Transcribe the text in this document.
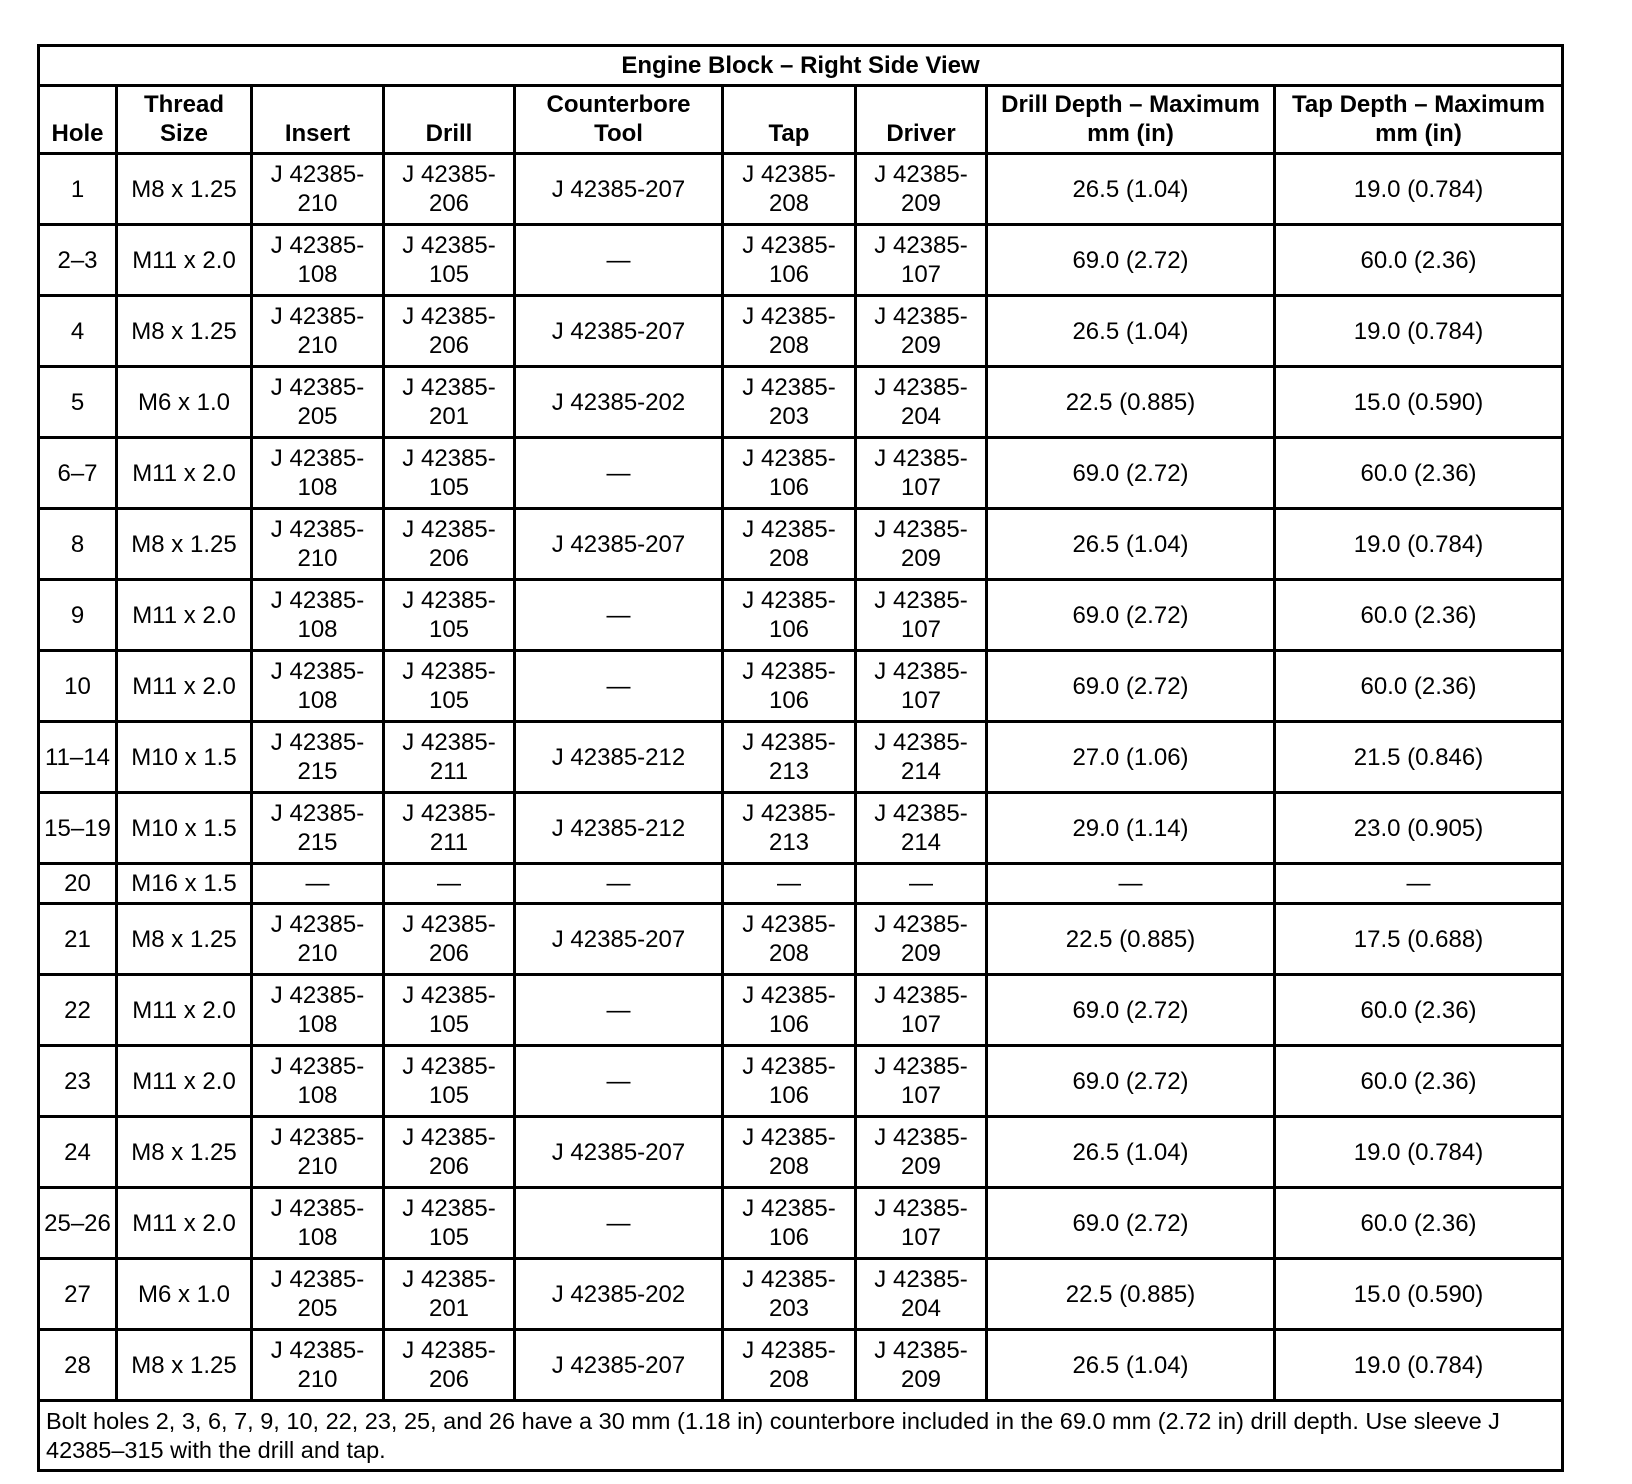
Engine Block – Right Side View								
Hole	Thread Size	Insert	Drill	Counterbore Tool	Tap	Driver	Drill Depth – Maximum mm (in)	Tap Depth – Maximum mm (in)
1	M8 x 1.25	J 42385-210	J 42385-206	J 42385-207	J 42385-208	J 42385-209	26.5 (1.04)	19.0 (0.784)
2–3	M11 x 2.0	J 42385-108	J 42385-105	—	J 42385-106	J 42385-107	69.0 (2.72)	60.0 (2.36)
4	M8 x 1.25	J 42385-210	J 42385-206	J 42385-207	J 42385-208	J 42385-209	26.5 (1.04)	19.0 (0.784)
5	M6 x 1.0	J 42385-205	J 42385-201	J 42385-202	J 42385-203	J 42385-204	22.5 (0.885)	15.0 (0.590)
6–7	M11 x 2.0	J 42385-108	J 42385-105	—	J 42385-106	J 42385-107	69.0 (2.72)	60.0 (2.36)
8	M8 x 1.25	J 42385-210	J 42385-206	J 42385-207	J 42385-208	J 42385-209	26.5 (1.04)	19.0 (0.784)
9	M11 x 2.0	J 42385-108	J 42385-105	—	J 42385-106	J 42385-107	69.0 (2.72)	60.0 (2.36)
10	M11 x 2.0	J 42385-108	J 42385-105	—	J 42385-106	J 42385-107	69.0 (2.72)	60.0 (2.36)
11–14	M10 x 1.5	J 42385-215	J 42385-211	J 42385-212	J 42385-213	J 42385-214	27.0 (1.06)	21.5 (0.846)
15–19	M10 x 1.5	J 42385-215	J 42385-211	J 42385-212	J 42385-213	J 42385-214	29.0 (1.14)	23.0 (0.905)
20	M16 x 1.5	—	—	—	—	—	—	—
21	M8 x 1.25	J 42385-210	J 42385-206	J 42385-207	J 42385-208	J 42385-209	22.5 (0.885)	17.5 (0.688)
22	M11 x 2.0	J 42385-108	J 42385-105	—	J 42385-106	J 42385-107	69.0 (2.72)	60.0 (2.36)
23	M11 x 2.0	J 42385-108	J 42385-105	—	J 42385-106	J 42385-107	69.0 (2.72)	60.0 (2.36)
24	M8 x 1.25	J 42385-210	J 42385-206	J 42385-207	J 42385-208	J 42385-209	26.5 (1.04)	19.0 (0.784)
25–26	M11 x 2.0	J 42385-108	J 42385-105	—	J 42385-106	J 42385-107	69.0 (2.72)	60.0 (2.36)
27	M6 x 1.0	J 42385-205	J 42385-201	J 42385-202	J 42385-203	J 42385-204	22.5 (0.885)	15.0 (0.590)
28	M8 x 1.25	J 42385-210	J 42385-206	J 42385-207	J 42385-208	J 42385-209	26.5 (1.04)	19.0 (0.784)
Bolt holes 2, 3, 6, 7, 9, 10, 22, 23, 25, and 26 have a 30 mm (1.18 in) counterbore included in the 69.0 mm (2.72 in) drill depth. Use sleeve J 42385–315 with the drill and tap.								
